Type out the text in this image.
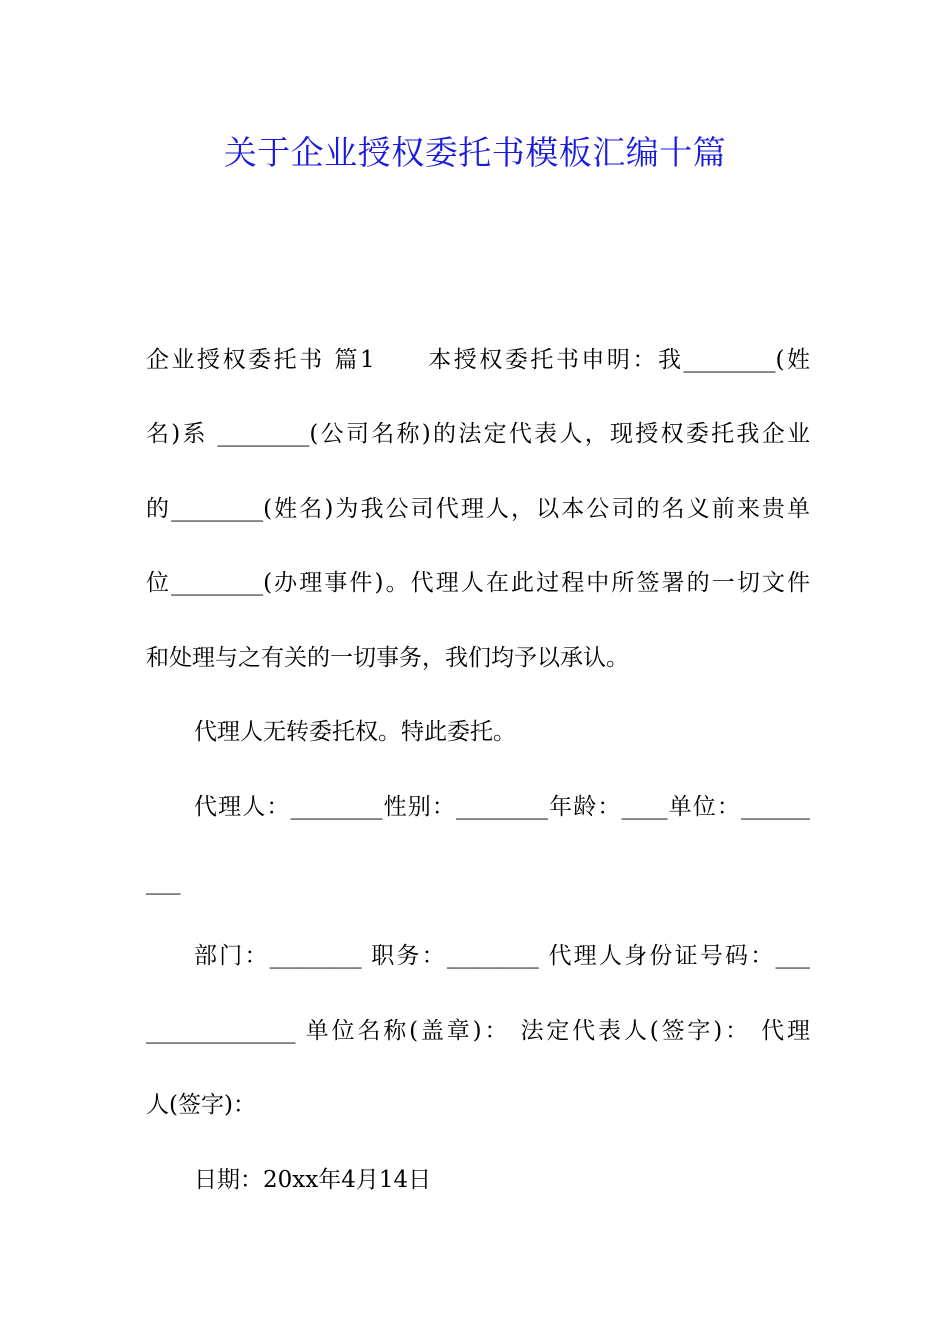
关于企业授权委托书模板汇编十篇
企业授权委托书 篇1　　本授权委托书申明：我________(姓
名)系 ________(公司名称)的法定代表人，现授权委托我企业
的________(姓名)为我公司代理人，以本公司的名义前来贵单
位________(办理事件)。代理人在此过程中所签署的一切文件
和处理与之有关的一切事务，我们均予以承认。
代理人无转委托权。特此委托。
代理人：________性别：________年龄：____单位：______
___
部门：________ 职务：________ 代理人身份证号码：___
_____________ 单位名称(盖章)： 法定代表人(签字)： 代理
人(签字)：
日期：20xx年4月14日
